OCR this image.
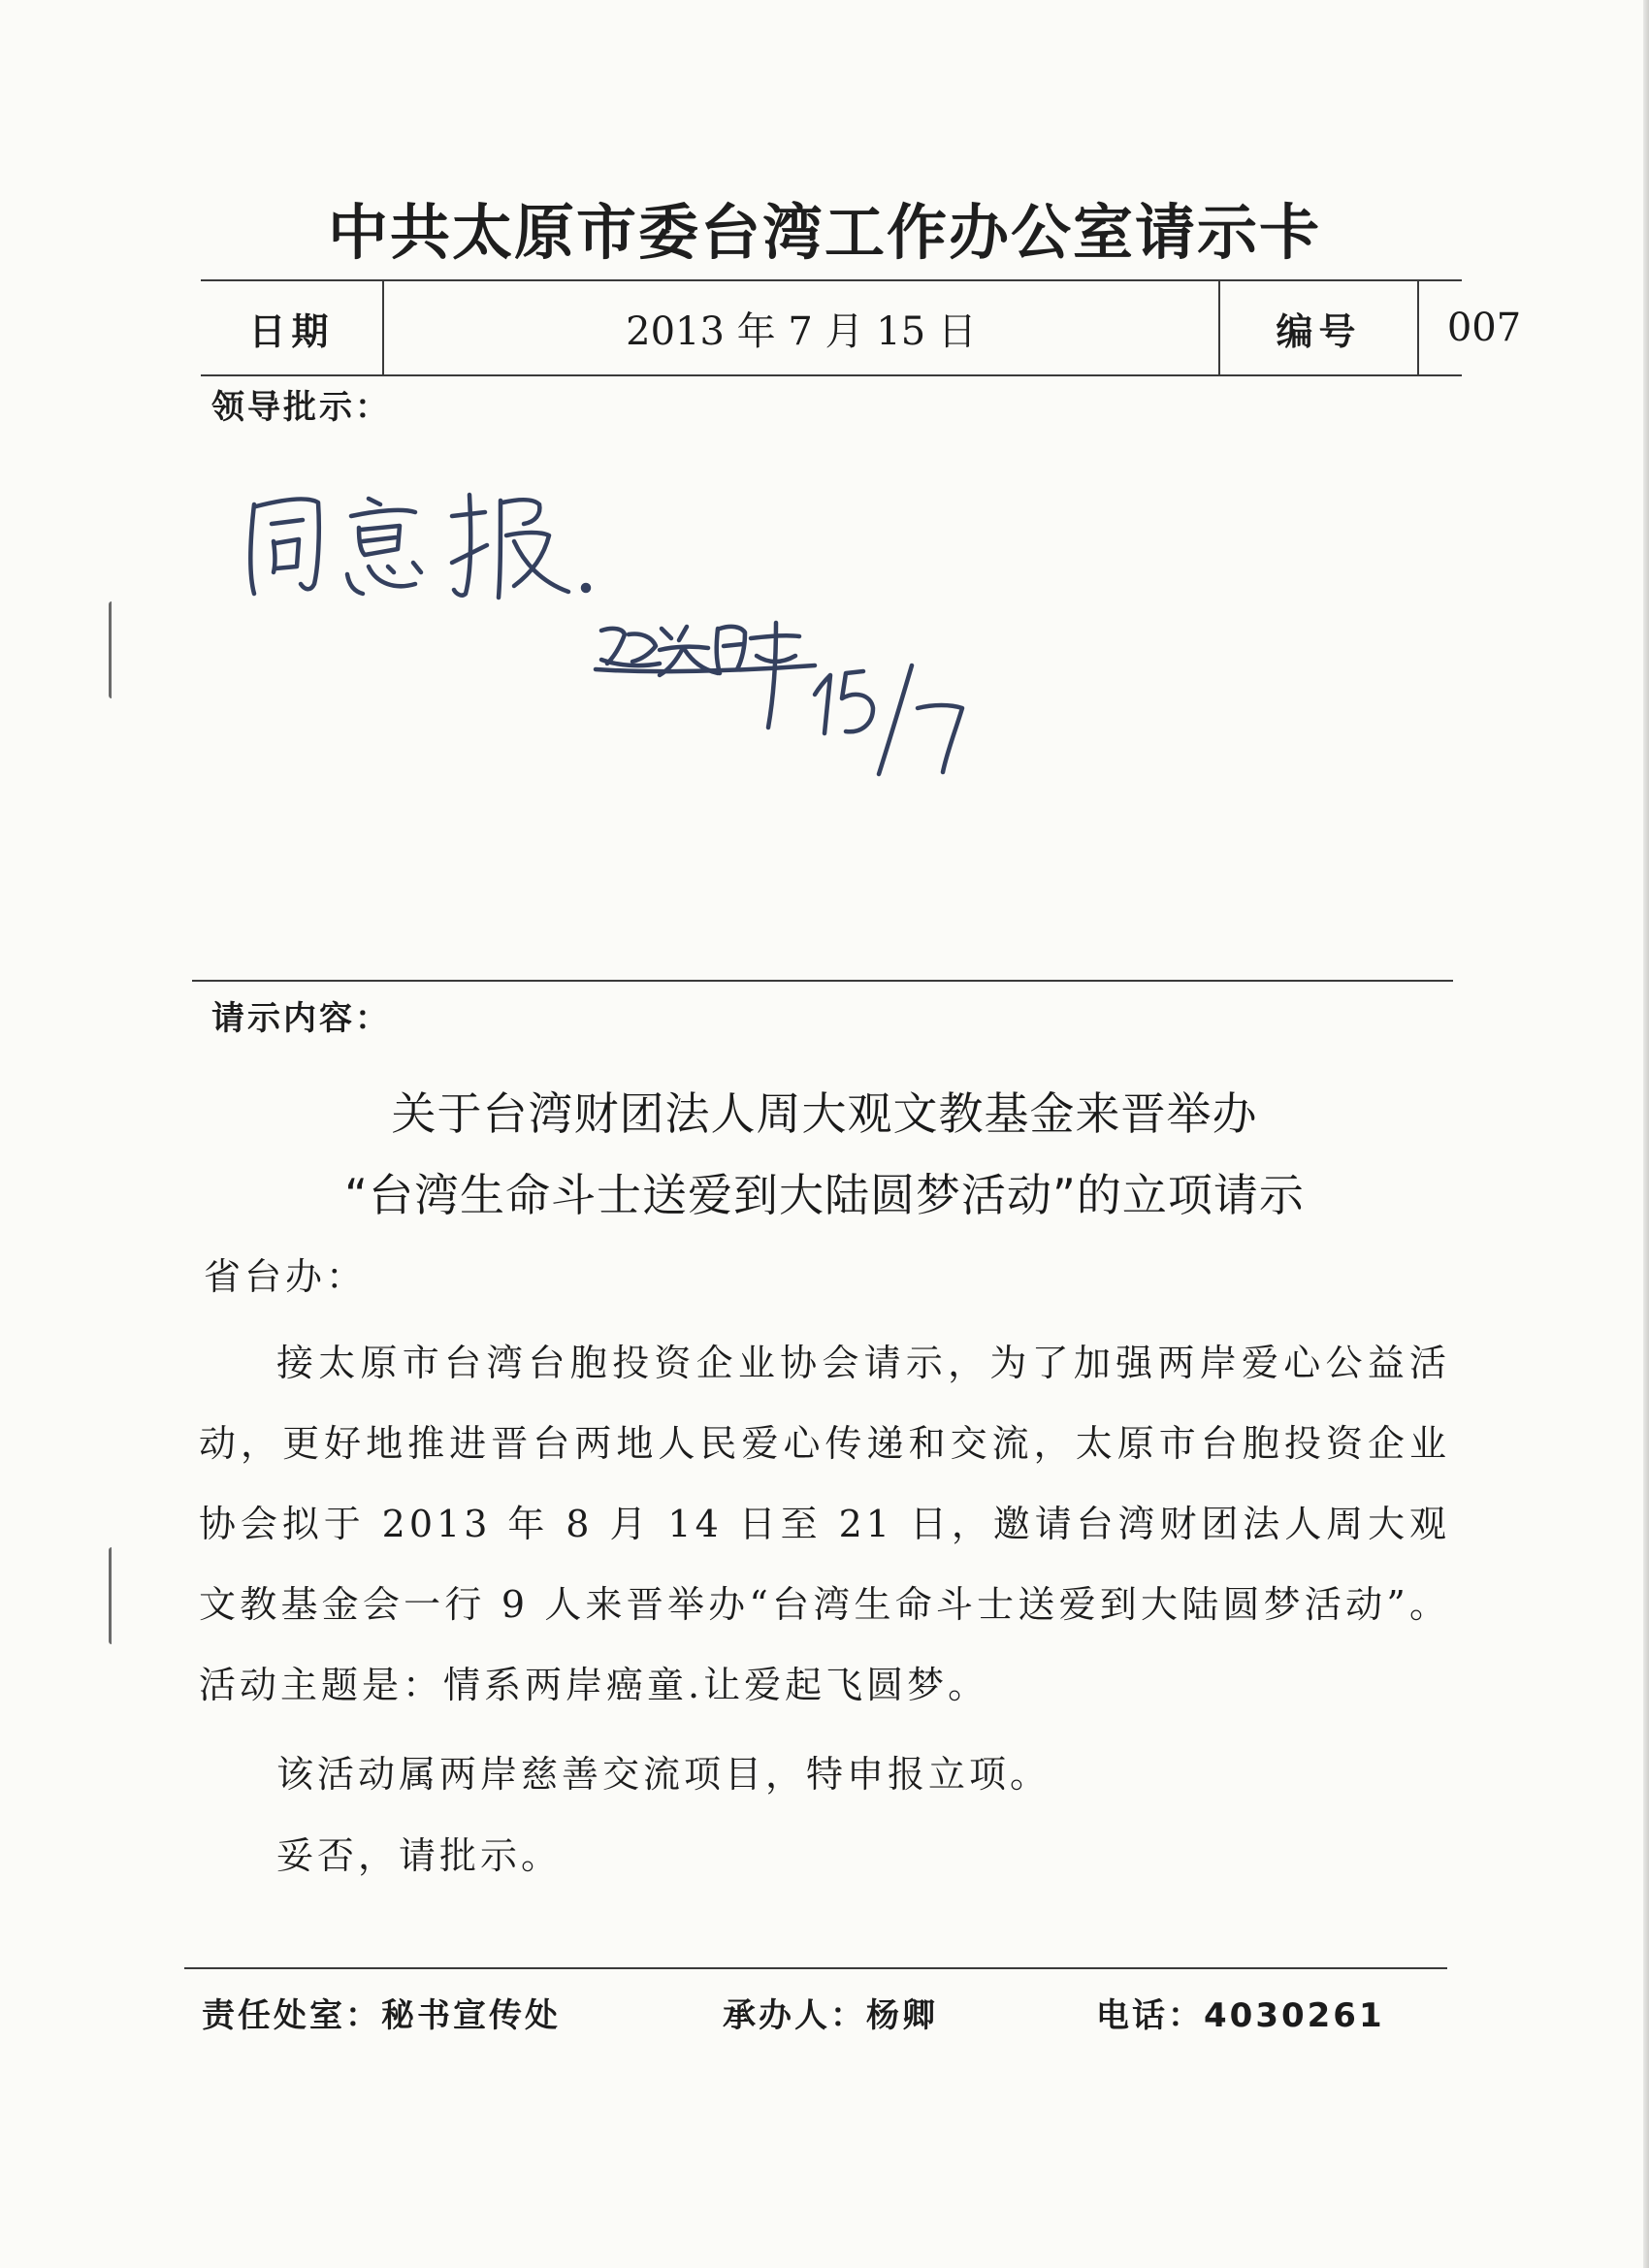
中共太原市委台湾工作办公室请示卡
日期	2013 年 7 月 15 日	编号	007
领导批示：
请示内容：
关于台湾财团法人周大观文教基金来晋举办
“台湾生命斗士送爱到大陆圆梦活动”的立项请示
省台办：

接太原市台湾台胞投资企业协会请示，为了加强两岸爱心公益活动，更好地推进晋台两地人民爱心传递和交流，太原市台胞投资企业协会拟于 2013 年 8 月 14 日至 21 日，邀请台湾财团法人周大观文教基金会一行 9 人来晋举办“台湾生命斗士送爱到大陆圆梦活动”。活动主题是：情系两岸癌童.让爱起飞圆梦。

该活动属两岸慈善交流项目，特申报立项。

妥否，请批示。

责任处室：秘书宣传处	承办人：杨卿	电话：4030261
